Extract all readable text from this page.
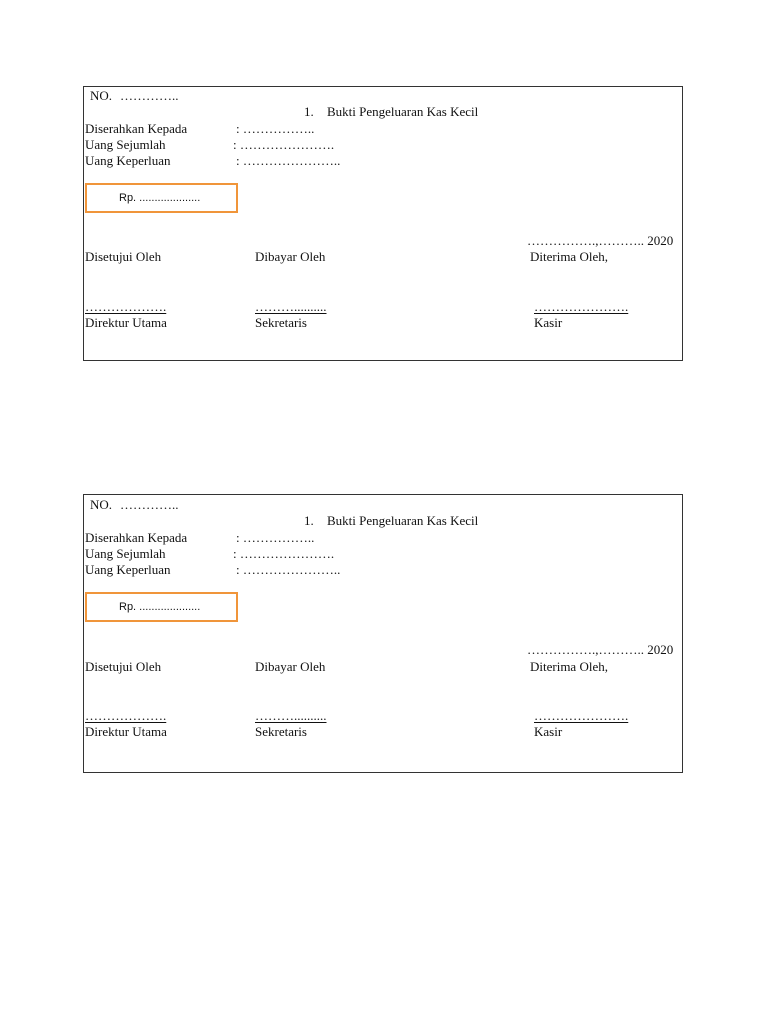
NO. …………..
1. Bukti Pengeluaran Kas Kecil
Diserahkan Kepada	: ……………..
Uang Sejumlah	: ………………….
Uang Keperluan	: …………………..
Rp. ....................
…………….,……….. 2020
Disetujui Oleh	Dibayar Oleh	Diterima Oleh,
……………….	………..........	………………….
Direktur Utama	Sekretaris	Kasir
NO. …………..
1. Bukti Pengeluaran Kas Kecil
Diserahkan Kepada	: ……………..
Uang Sejumlah	: ………………….
Uang Keperluan	: …………………..
Rp. ....................
…………….,……….. 2020
Disetujui Oleh	Dibayar Oleh	Diterima Oleh,
……………….	………..........	………………….
Direktur Utama	Sekretaris	Kasir
